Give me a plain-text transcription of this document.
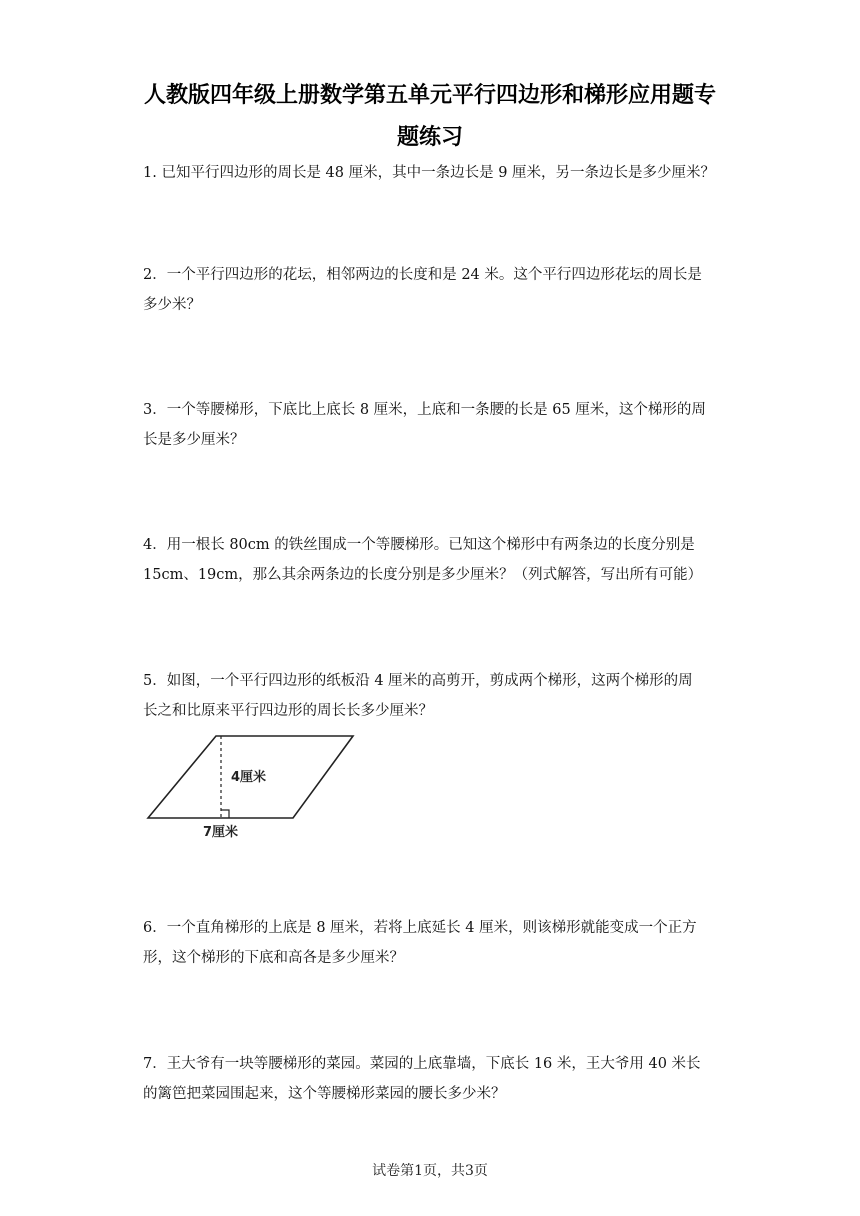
人教版四年级上册数学第五单元平行四边形和梯形应用题专
题练习

1. 已知平行四边形的周长是 48 厘米，其中一条边长是 9 厘米，另一条边长是多少厘米？

2．一个平行四边形的花坛，相邻两边的长度和是 24 米。这个平行四边形花坛的周长是

多少米？

3．一个等腰梯形，下底比上底长 8 厘米，上底和一条腰的长是 65 厘米，这个梯形的周

长是多少厘米？

4．用一根长 80cm 的铁丝围成一个等腰梯形。已知这个梯形中有两条边的长度分别是

15cm、19cm，那么其余两条边的长度分别是多少厘米？（列式解答，写出所有可能）

5．如图，一个平行四边形的纸板沿 4 厘米的高剪开，剪成两个梯形，这两个梯形的周

长之和比原来平行四边形的周长长多少厘米？

4厘米
7厘米

6．一个直角梯形的上底是 8 厘米，若将上底延长 4 厘米，则该梯形就能变成一个正方

形，这个梯形的下底和高各是多少厘米？

7．王大爷有一块等腰梯形的菜园。菜园的上底靠墙，下底长 16 米，王大爷用 40 米长

的篱笆把菜园围起来，这个等腰梯形菜园的腰长多少米？

试卷第1页，共3页
